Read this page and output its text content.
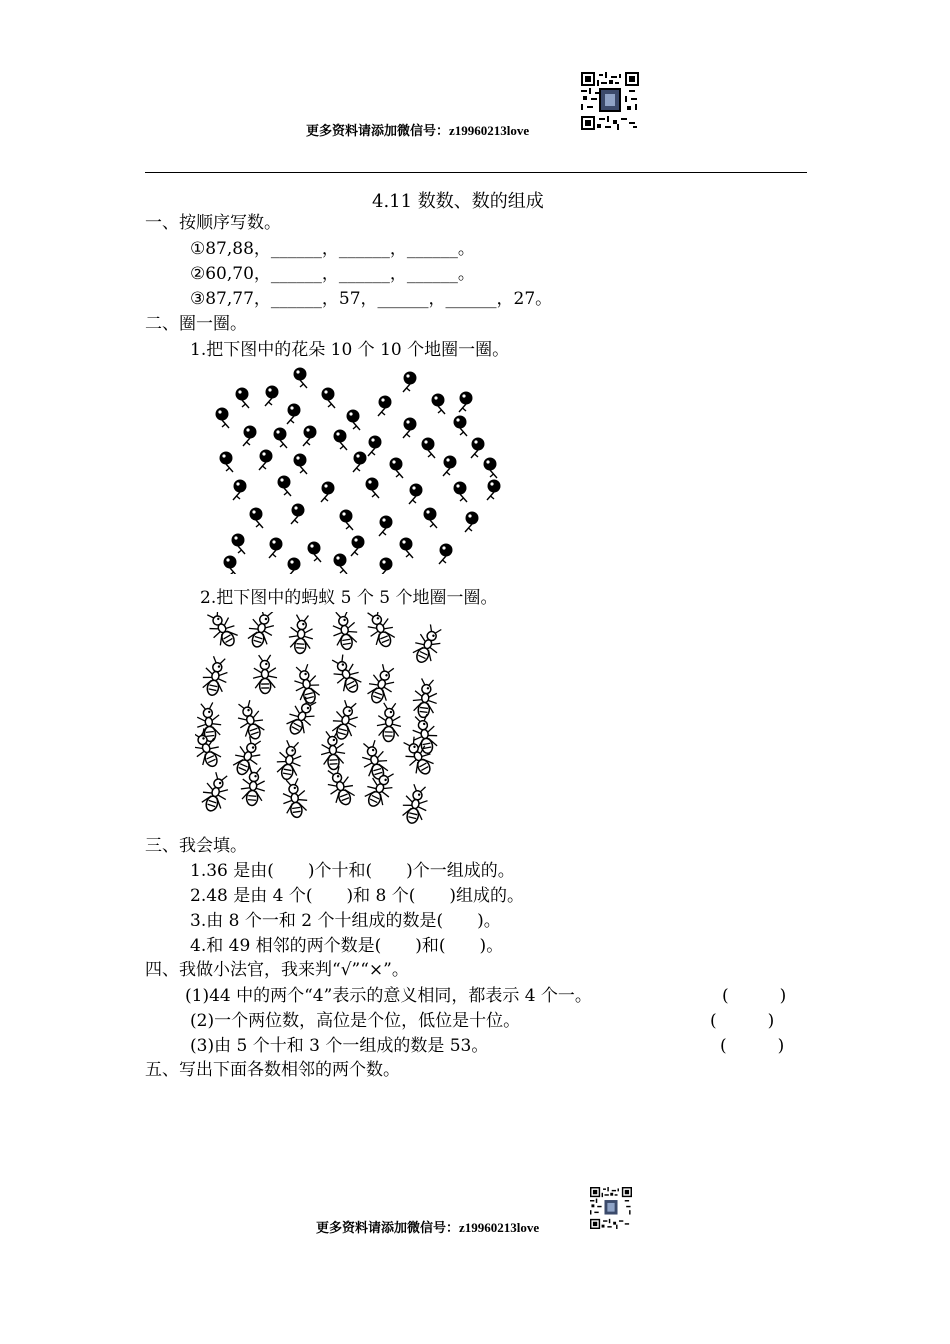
更多资料请添加微信号：z19960213love
4.11 数数、数的组成
一、按顺序写数。
①87,88，______，______，______。
②60,70，______，______，______。
③87,77，______，57，______，______，27。
二、圈一圈。
1.把下图中的花朵 10 个 10 个地圈一圈。
2.把下图中的蚂蚁 5 个 5 个地圈一圈。
三、我会填。
1.36 是由(　　)个十和(　　)个一组成的。
2.48 是由 4 个(　　)和 8 个(　　)组成的。
3.由 8 个一和 2 个十组成的数是(　　)。
4.和 49 相邻的两个数是(　　)和(　　)。
四、我做小法官，我来判“√”“×”。
(1)44 中的两个“4”表示的意义相同，都表示 4 个一。	(　　　)
(2)一个两位数，高位是个位，低位是十位。	(　　　)
(3)由 5 个十和 3 个一组成的数是 53。	(　　　)
五、写出下面各数相邻的两个数。
更多资料请添加微信号：z19960213love
